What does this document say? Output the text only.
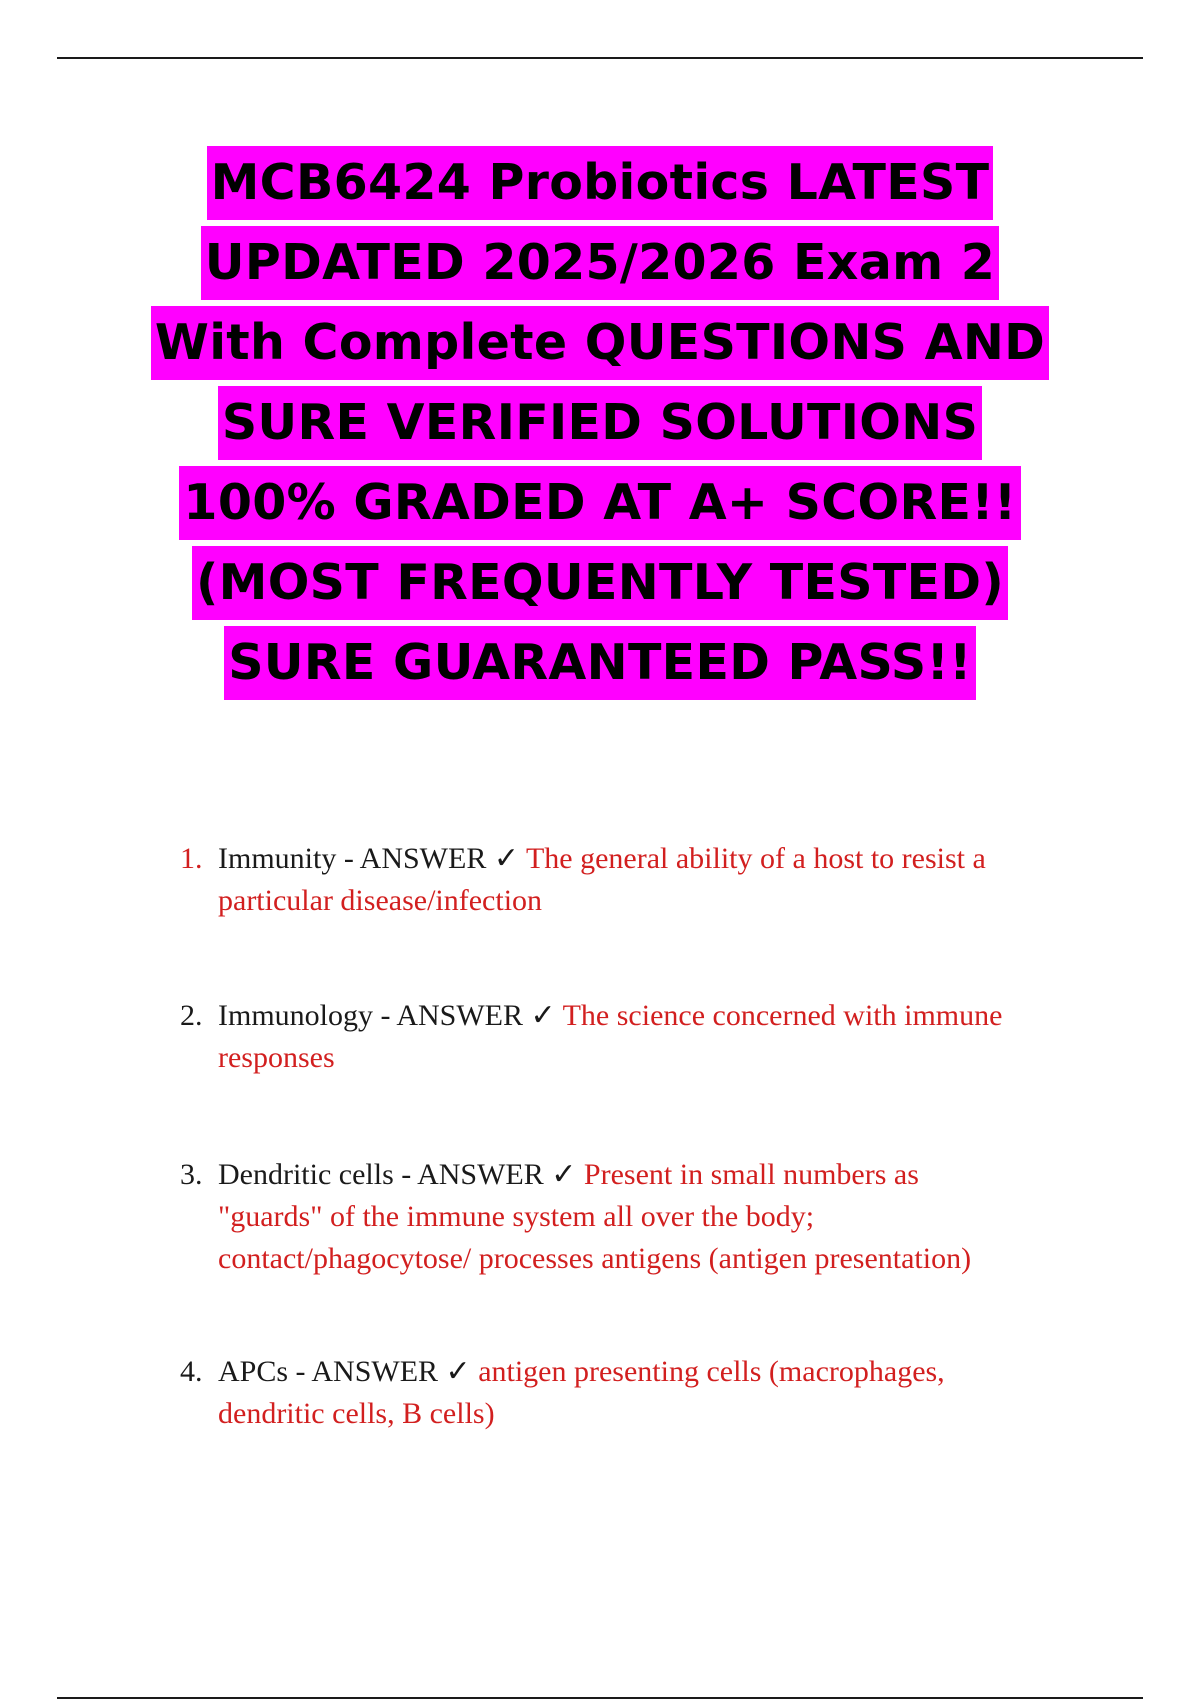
MCB6424 Probiotics LATEST
UPDATED 2025/2026 Exam 2
With Complete QUESTIONS AND
SURE VERIFIED SOLUTIONS
100% GRADED AT A+ SCORE!!
(MOST FREQUENTLY TESTED)
SURE GUARANTEED PASS!!
1. Immunity - ANSWER ✓ The general ability of a host to resist a
particular disease/infection
2. Immunology - ANSWER ✓ The science concerned with immune
responses
3. Dendritic cells - ANSWER ✓ Present in small numbers as
"guards" of the immune system all over the body;
contact/phagocytose/ processes antigens (antigen presentation)
4. APCs - ANSWER ✓ antigen presenting cells (macrophages,
dendritic cells, B cells)
